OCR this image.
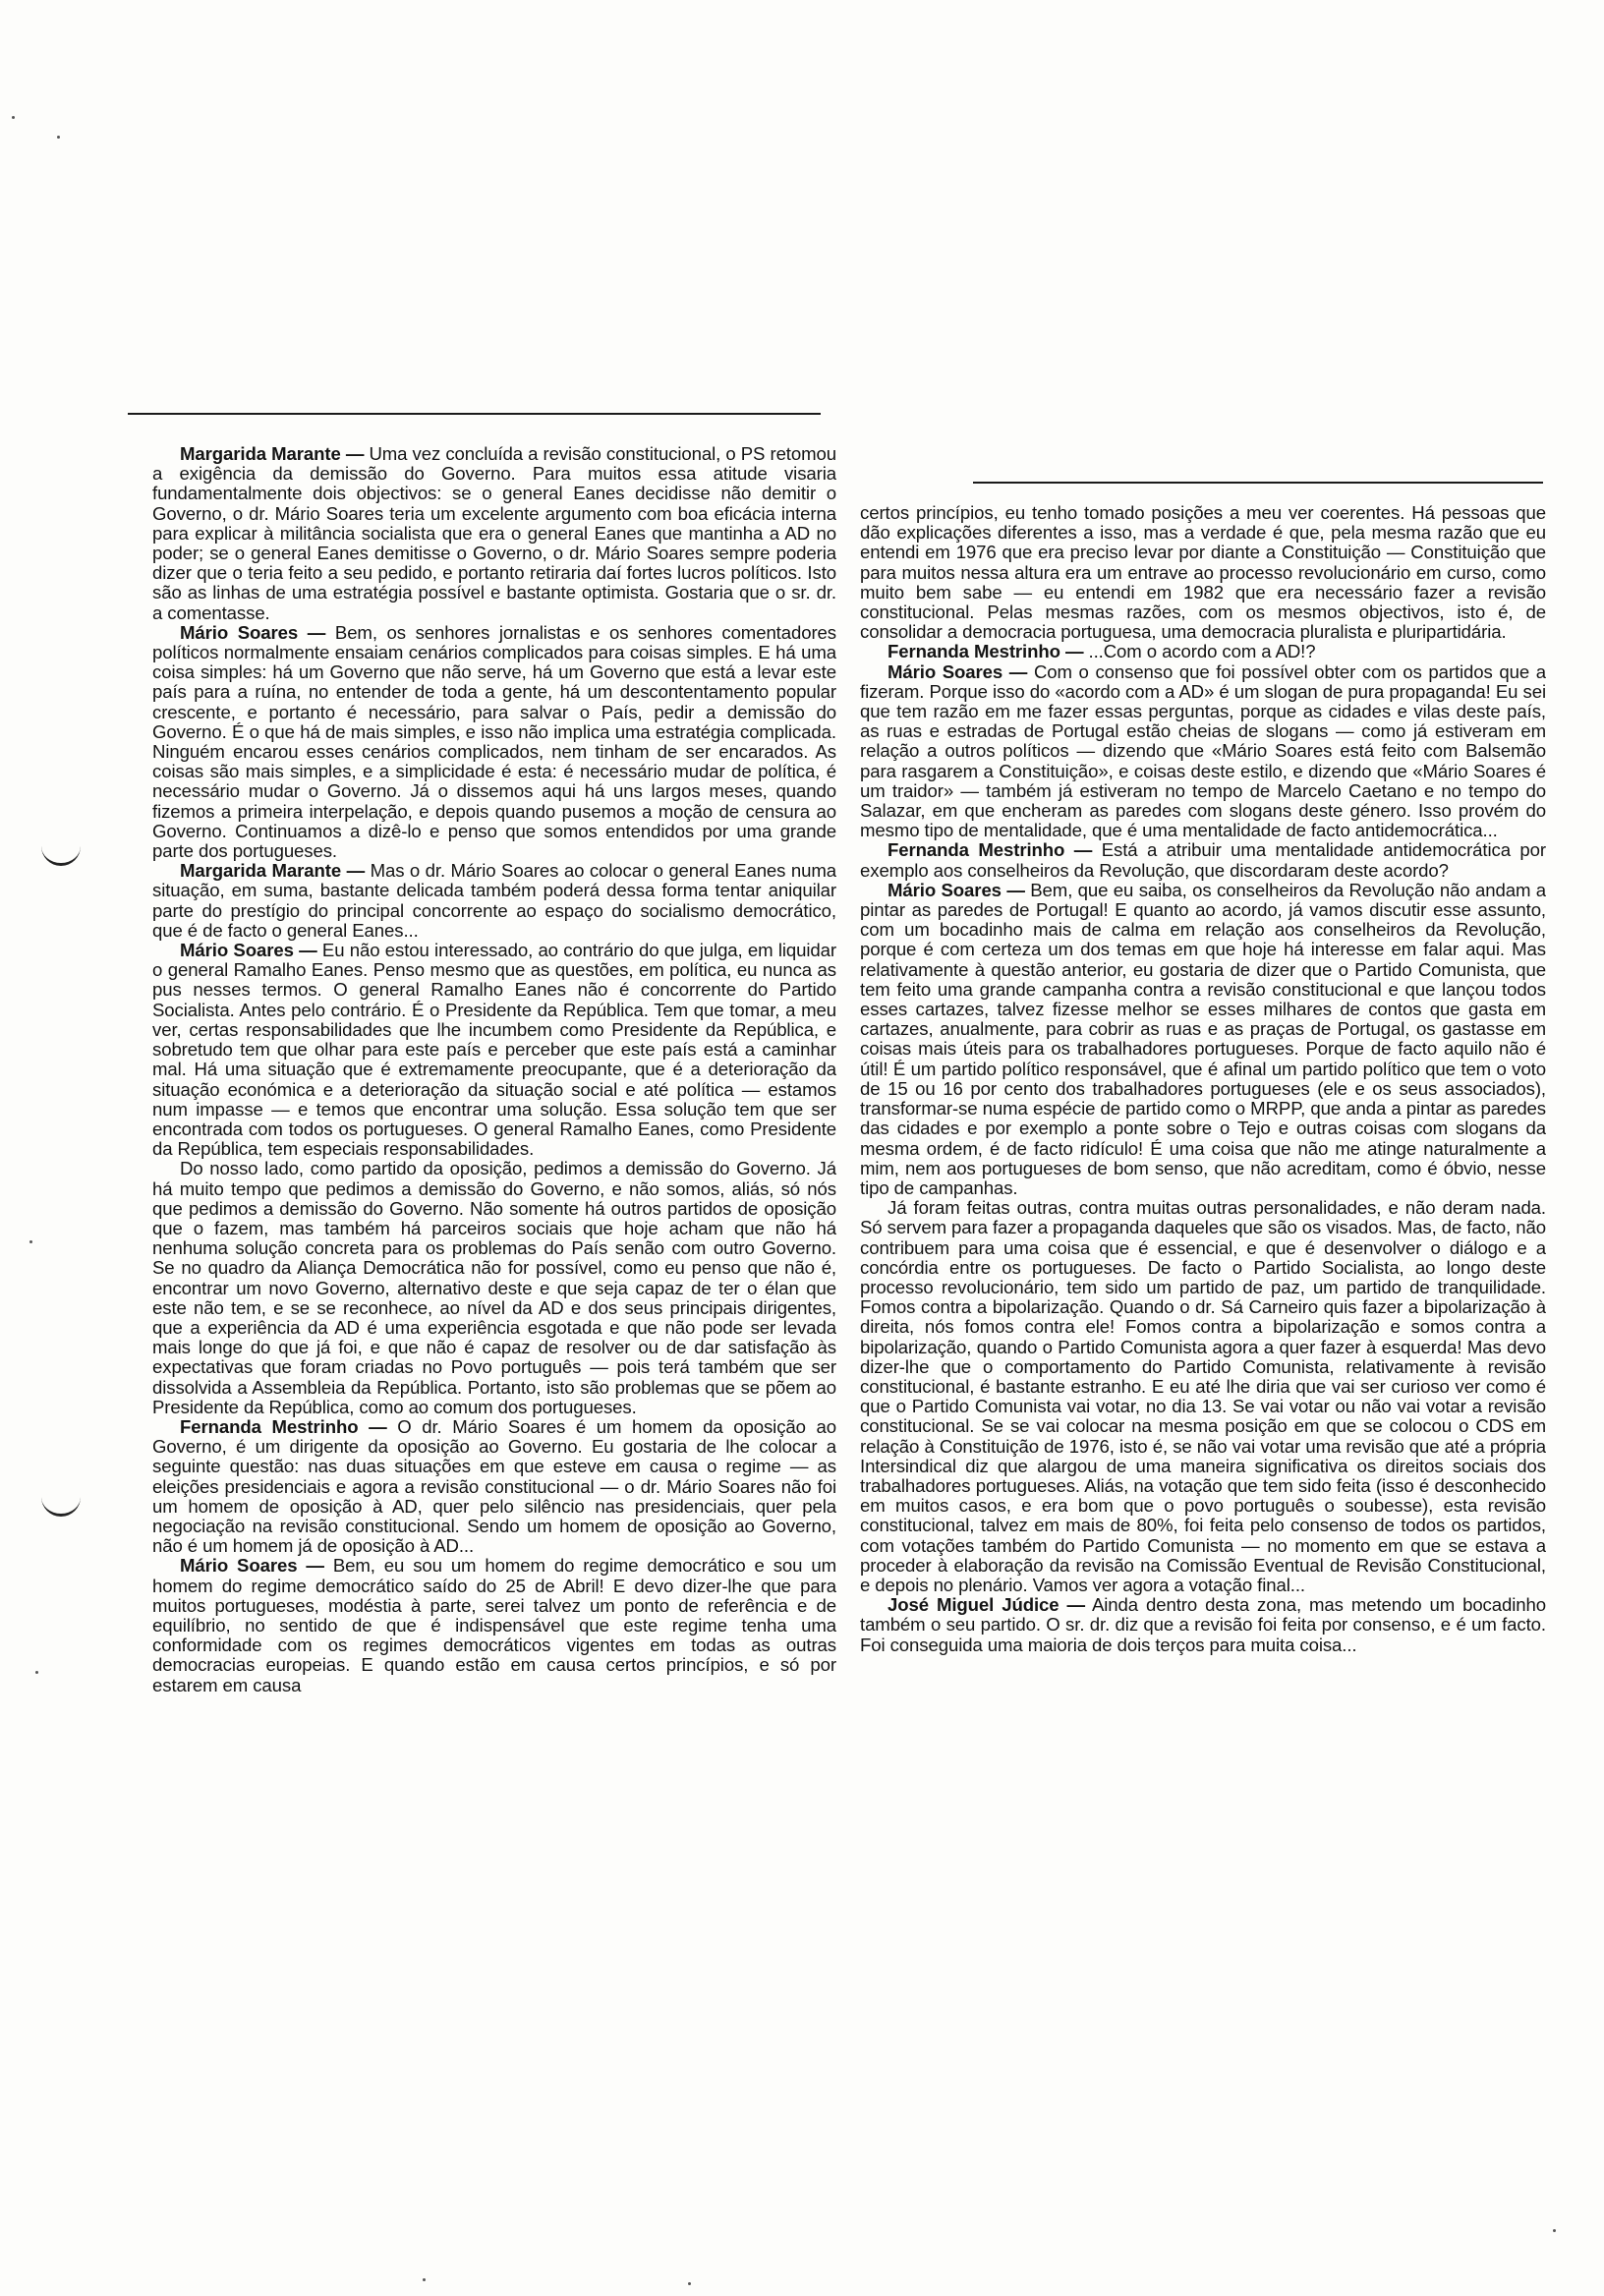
Margarida Marante — Uma vez concluída a revisão constitucional, o PS retomou a exigência da demissão do Governo. Para muitos essa atitude visaria fundamentalmente dois objectivos: se o general Eanes decidisse não demitir o Governo, o dr. Mário Soares teria um excelente argumento com boa eficácia interna para explicar à militância socialista que era o general Eanes que mantinha a AD no poder; se o general Eanes demitisse o Governo, o dr. Mário Soares sempre poderia dizer que o teria feito a seu pedido, e portanto retiraria daí fortes lucros políticos. Isto são as linhas de uma estratégia possível e bastante optimista. Gostaria que o sr. dr. a comentasse.

Mário Soares — Bem, os senhores jornalistas e os senhores comentadores políticos normalmente ensaiam cenários complicados para coisas simples. E há uma coisa simples: há um Governo que não serve, há um Governo que está a levar este país para a ruína, no entender de toda a gente, há um descontentamento popular crescente, e portanto é necessário, para salvar o País, pedir a demissão do Governo. É o que há de mais simples, e isso não implica uma estratégia complicada. Ninguém encarou esses cenários complicados, nem tinham de ser encarados. As coisas são mais simples, e a simplicidade é esta: é necessário mudar de política, é necessário mudar o Governo. Já o dissemos aqui há uns largos meses, quando fizemos a primeira interpelação, e depois quando pusemos a moção de censura ao Governo. Continuamos a dizê-lo e penso que somos entendidos por uma grande parte dos portugueses.

Margarida Marante — Mas o dr. Mário Soares ao colocar o general Eanes numa situação, em suma, bastante delicada também poderá dessa forma tentar aniquilar parte do prestígio do principal concorrente ao espaço do socialismo democrático, que é de facto o general Eanes...

Mário Soares — Eu não estou interessado, ao contrário do que julga, em liquidar o general Ramalho Eanes. Penso mesmo que as questões, em política, eu nunca as pus nesses termos. O general Ramalho Eanes não é concorrente do Partido Socialista. Antes pelo contrário. É o Presidente da República. Tem que tomar, a meu ver, certas responsabilidades que lhe incumbem como Presidente da República, e sobretudo tem que olhar para este país e perceber que este país está a caminhar mal. Há uma situação que é extremamente preocupante, que é a deterioração da situação económica e a deterioração da situação social e até política — estamos num impasse — e temos que encontrar uma solução. Essa solução tem que ser encontrada com todos os portugueses. O general Ramalho Eanes, como Presidente da República, tem especiais responsabilidades.

Do nosso lado, como partido da oposição, pedimos a demissão do Governo. Já há muito tempo que pedimos a demissão do Governo, e não somos, aliás, só nós que pedimos a demissão do Governo. Não somente há outros partidos de oposição que o fazem, mas também há parceiros sociais que hoje acham que não há nenhuma solução concreta para os problemas do País senão com outro Governo. Se no quadro da Aliança Democrática não for possível, como eu penso que não é, encontrar um novo Governo, alternativo deste e que seja capaz de ter o élan que este não tem, e se se reconhece, ao nível da AD e dos seus principais dirigentes, que a experiência da AD é uma experiência esgotada e que não pode ser levada mais longe do que já foi, e que não é capaz de resolver ou de dar satisfação às expectativas que foram criadas no Povo português — pois terá também que ser dissolvida a Assembleia da República. Portanto, isto são problemas que se põem ao Presidente da República, como ao comum dos portugueses.

Fernanda Mestrinho — O dr. Mário Soares é um homem da oposição ao Governo, é um dirigente da oposição ao Governo. Eu gostaria de lhe colocar a seguinte questão: nas duas situações em que esteve em causa o regime — as eleições presidenciais e agora a revisão constitucional — o dr. Mário Soares não foi um homem de oposição à AD, quer pelo silêncio nas presidenciais, quer pela negociação na revisão constitucional. Sendo um homem de oposição ao Governo, não é um homem já de oposição à AD...

Mário Soares — Bem, eu sou um homem do regime democrático e sou um homem do regime democrático saído do 25 de Abril! E devo dizer-lhe que para muitos portugueses, modéstia à parte, serei talvez um ponto de referência e de equilíbrio, no sentido de que é indispensável que este regime tenha uma conformidade com os regimes democráticos vigentes em todas as outras democracias europeias. E quando estão em causa certos princípios, e só por estarem em causa

certos princípios, eu tenho tomado posições a meu ver coerentes. Há pessoas que dão explicações diferentes a isso, mas a verdade é que, pela mesma razão que eu entendi em 1976 que era preciso levar por diante a Constituição — Constituição que para muitos nessa altura era um entrave ao processo revolucionário em curso, como muito bem sabe — eu entendi em 1982 que era necessário fazer a revisão constitucional. Pelas mesmas razões, com os mesmos objectivos, isto é, de consolidar a democracia portuguesa, uma democracia pluralista e pluripartidária.

Fernanda Mestrinho — ...Com o acordo com a AD!?

Mário Soares — Com o consenso que foi possível obter com os partidos que a fizeram. Porque isso do «acordo com a AD» é um slogan de pura propaganda! Eu sei que tem razão em me fazer essas perguntas, porque as cidades e vilas deste país, as ruas e estradas de Portugal estão cheias de slogans — como já estiveram em relação a outros políticos — dizendo que «Mário Soares está feito com Balsemão para rasgarem a Constituição», e coisas deste estilo, e dizendo que «Mário Soares é um traidor» — também já estiveram no tempo de Marcelo Caetano e no tempo do Salazar, em que encheram as paredes com slogans deste género. Isso provém do mesmo tipo de mentalidade, que é uma mentalidade de facto antidemocrática...

Fernanda Mestrinho — Está a atribuir uma mentalidade antidemocrática por exemplo aos conselheiros da Revolução, que discordaram deste acordo?

Mário Soares — Bem, que eu saiba, os conselheiros da Revolução não andam a pintar as paredes de Portugal! E quanto ao acordo, já vamos discutir esse assunto, com um bocadinho mais de calma em relação aos conselheiros da Revolução, porque é com certeza um dos temas em que hoje há interesse em falar aqui. Mas relativamente à questão anterior, eu gostaria de dizer que o Partido Comunista, que tem feito uma grande campanha contra a revisão constitucional e que lançou todos esses cartazes, talvez fizesse melhor se esses milhares de contos que gasta em cartazes, anualmente, para cobrir as ruas e as praças de Portugal, os gastasse em coisas mais úteis para os trabalhadores portugueses. Porque de facto aquilo não é útil! É um partido político responsável, que é afinal um partido político que tem o voto de 15 ou 16 por cento dos trabalhadores portugueses (ele e os seus associados), transformar-se numa espécie de partido como o MRPP, que anda a pintar as paredes das cidades e por exemplo a ponte sobre o Tejo e outras coisas com slogans da mesma ordem, é de facto ridículo! É uma coisa que não me atinge naturalmente a mim, nem aos portugueses de bom senso, que não acreditam, como é óbvio, nesse tipo de campanhas.

Já foram feitas outras, contra muitas outras personalidades, e não deram nada. Só servem para fazer a propaganda daqueles que são os visados. Mas, de facto, não contribuem para uma coisa que é essencial, e que é desenvolver o diálogo e a concórdia entre os portugueses. De facto o Partido Socialista, ao longo deste processo revolucionário, tem sido um partido de paz, um partido de tranquilidade. Fomos contra a bipolarização. Quando o dr. Sá Carneiro quis fazer a bipolarização à direita, nós fomos contra ele! Fomos contra a bipolarização e somos contra a bipolarização, quando o Partido Comunista agora a quer fazer à esquerda! Mas devo dizer-lhe que o comportamento do Partido Comunista, relativamente à revisão constitucional, é bastante estranho. E eu até lhe diria que vai ser curioso ver como é que o Partido Comunista vai votar, no dia 13. Se vai votar ou não vai votar a revisão constitucional. Se se vai colocar na mesma posição em que se colocou o CDS em relação à Constituição de 1976, isto é, se não vai votar uma revisão que até a própria Intersindical diz que alargou de uma maneira significativa os direitos sociais dos trabalhadores portugueses. Aliás, na votação que tem sido feita (isso é desconhecido em muitos casos, e era bom que o povo português o soubesse), esta revisão constitucional, talvez em mais de 80%, foi feita pelo consenso de todos os partidos, com votações também do Partido Comunista — no momento em que se estava a proceder à elaboração da revisão na Comissão Eventual de Revisão Constitucional, e depois no plenário. Vamos ver agora a votação final...

José Miguel Júdice — Ainda dentro desta zona, mas metendo um bocadinho também o seu partido. O sr. dr. diz que a revisão foi feita por consenso, e é um facto. Foi conseguida uma maioria de dois terços para muita coisa...
